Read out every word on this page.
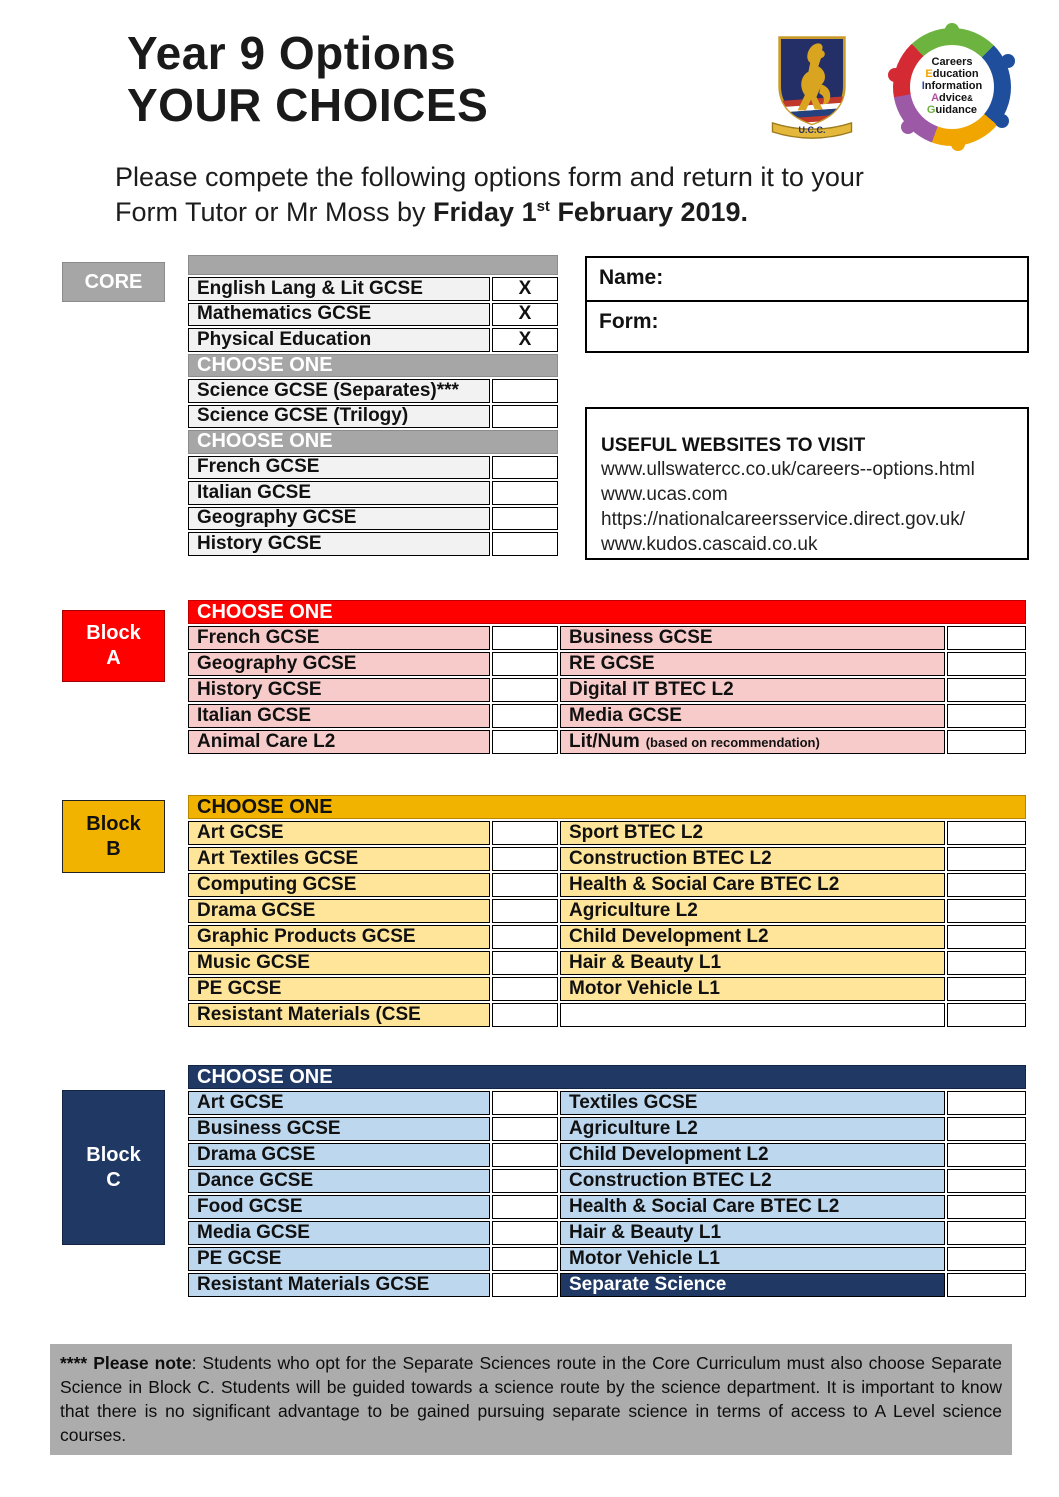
Year 9 Options
YOUR CHOICES	U.C.C.
Careers
Education
Information
Advice&
Guidance
Please compete the following options form and return it to your
Form Tutor or Mr Moss by Friday 1st February 2019.
CORE	English Lang & Lit GCSE	X
Mathematics GCSE	X
Physical Education	X
CHOOSE ONE
Science GCSE (Separates)***
Science GCSE (Trilogy)
CHOOSE ONE
French GCSE
Italian GCSE
Geography GCSE
History GCSE
Name:
Form:
USEFUL WEBSITES TO VISIT
www.ullswatercc.co.uk/careers--options.html
www.ucas.com
https://nationalcareersservice.direct.gov.uk/
www.kudos.cascaid.co.uk
Block
A
CHOOSE ONE
French GCSE	Business GCSE
Geography GCSE	RE GCSE
History GCSE	Digital IT BTEC L2
Italian GCSE	Media GCSE
Animal Care L2	Lit/Num (based on recommendation)
Block
B
CHOOSE ONE
Art GCSE	Sport BTEC L2
Art Textiles GCSE	Construction BTEC L2
Computing GCSE	Health & Social Care BTEC L2
Drama GCSE	Agriculture L2
Graphic Products GCSE	Child Development L2
Music GCSE	Hair & Beauty L1
PE GCSE	Motor Vehicle L1
Resistant Materials (CSE
Block
C
CHOOSE ONE
Art GCSE	Textiles GCSE
Business GCSE	Agriculture L2
Drama GCSE	Child Development L2
Dance GCSE	Construction BTEC L2
Food GCSE	Health & Social Care BTEC L2
Media GCSE	Hair & Beauty L1
PE GCSE	Motor Vehicle L1
Resistant Materials GCSE	Separate Science
**** Please note: Students who opt for the Separate Sciences route in the Core Curriculum must also choose Separate Science in Block C. Students will be guided towards a science route by the science department. It is important to know that there is no significant advantage to be gained pursuing separate science in terms of access to A Level science courses.
